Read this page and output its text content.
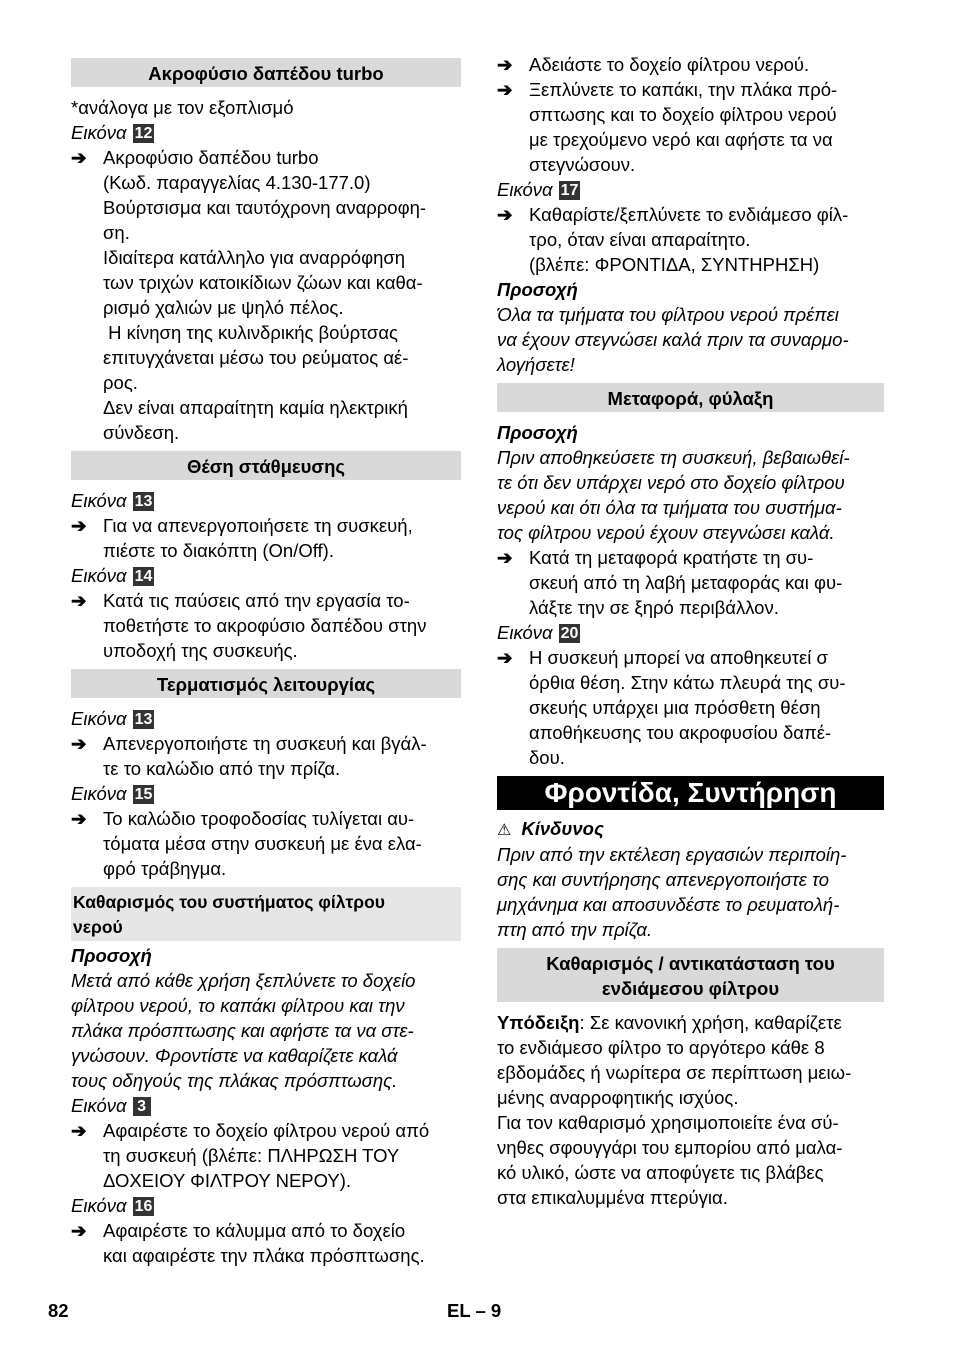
Ακροφύσιο δαπέδου turbo

*ανάλογα με τον εξοπλισμό

Εικόνα 12

➔ Ακροφύσιο δαπέδου turbo
(Κωδ. παραγγελίας 4.130-177.0)
Βούρτσισμα και ταυτόχρονη αναρροφη-
ση.
Ιδιαίτερα κατάλληλο για αναρρόφηση
των τριχών κατοικίδιων ζώων και καθα-
ρισμό χαλιών με ψηλό πέλος.
Η κίνηση της κυλινδρικής βούρτσας
επιτυγχάνεται μέσω του ρεύματος αέ-
ρος.
Δεν είναι απαραίτητη καμία ηλεκτρική
σύνδεση.
Θέση στάθμευσης

Εικόνα 13

➔ Για να απενεργοποιήσετε τη συσκευή,
πιέστε το διακόπτη (On/Off).

Εικόνα 14

➔ Κατά τις παύσεις από την εργασία το-
ποθετήστε το ακροφύσιο δαπέδου στην
υποδοχή της συσκευής.
Τερματισμός λειτουργίας

Εικόνα 13

➔ Απενεργοποιήστε τη συσκευή και βγάλ-
τε το καλώδιο από την πρίζα.

Εικόνα 15

➔ Το καλώδιο τροφοδοσίας τυλίγεται αυ-
τόματα μέσα στην συσκευή με ένα ελα-
φρό τράβηγμα.
Καθαρισμός του συστήματος φίλτρου
νερού

Προσοχή

Μετά από κάθε χρήση ξεπλύνετε το δοχείο
φίλτρου νερού, το καπάκι φίλτρου και την
πλάκα πρόσπτωσης και αφήστε τα να στε-
γνώσουν. Φροντίστε να καθαρίζετε καλά
τους οδηγούς της πλάκας πρόσπτωσης.

Εικόνα 3

➔ Αφαιρέστε το δοχείο φίλτρου νερού από
τη συσκευή (βλέπε: ΠΛΗΡΩΣΗ ΤΟΥ
ΔΟΧΕΙΟΥ ΦΙΛΤΡΟΥ ΝΕΡΟΥ).

Εικόνα 16

➔ Αφαιρέστε το κάλυμμα από το δοχείο
και αφαιρέστε την πλάκα πρόσπτωσης.
➔ Αδειάστε το δοχείο φίλτρου νερού.
➔ Ξεπλύνετε το καπάκι, την πλάκα πρό-
σπτωσης και το δοχείο φίλτρου νερού
με τρεχούμενο νερό και αφήστε τα να
στεγνώσουν.

Εικόνα 17

➔ Καθαρίστε/ξεπλύνετε το ενδιάμεσο φίλ-
τρο, όταν είναι απαραίτητο.
(βλέπε: ΦΡΟΝΤΙΔΑ, ΣΥΝΤΗΡΗΣΗ)

Προσοχή

Όλα τα τμήματα του φίλτρου νερού πρέπει
να έχουν στεγνώσει καλά πριν τα συναρμο-
λογήσετε!
Μεταφορά, φύλαξη

Προσοχή

Πριν αποθηκεύσετε τη συσκευή, βεβαιωθεί-
τε ότι δεν υπάρχει νερό στο δοχείο φίλτρου
νερού και ότι όλα τα τμήματα του συστήμα-
τος φίλτρου νερού έχουν στεγνώσει καλά.
➔ Κατά τη μεταφορά κρατήστε τη συ-
σκευή από τη λαβή μεταφοράς και φυ-
λάξτε την σε ξηρό περιβάλλον.

Εικόνα 20

➔ Η συσκευή μπορεί να αποθηκευτεί σ
όρθια θέση. Στην κάτω πλευρά της συ-
σκευής υπάρχει μια πρόσθετη θέση
αποθήκευσης του ακροφυσίου δαπέ-
δου.
Φροντίδα, Συντήρηση

⚠ Κίνδυνος

Πριν από την εκτέλεση εργασιών περιποίη-
σης και συντήρησης απενεργοποιήστε το
μηχάνημα και αποσυνδέστε το ρευματολή-
πτη από την πρίζα.
Καθαρισμός / αντικατάσταση του
ενδιάμεσου φίλτρου
Υπόδειξη: Σε κανονική χρήση, καθαρίζετε
το ενδιάμεσο φίλτρο το αργότερο κάθε 8
εβδομάδες ή νωρίτερα σε περίπτωση μειω-
μένης αναρροφητικής ισχύος.
Για τον καθαρισμό χρησιμοποιείτε ένα σύ-
νηθες σφουγγάρι του εμπορίου από μαλα-
κό υλικό, ώστε να αποφύγετε τις βλάβες
στα επικαλυμμένα πτερύγια.
82	EL – 9
